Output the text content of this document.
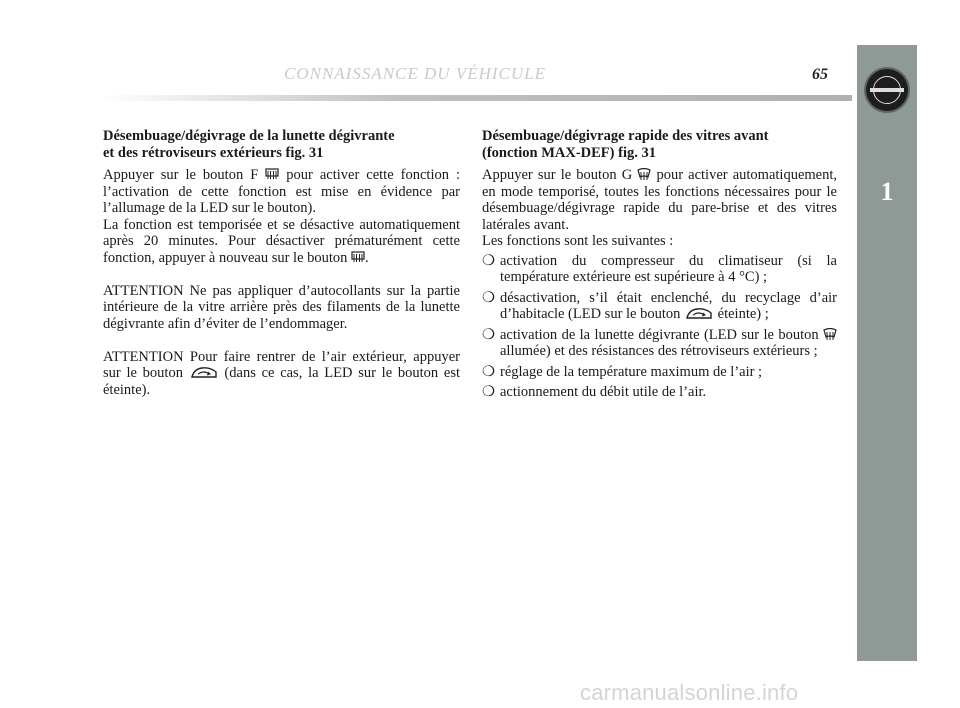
CONNAISSANCE DU VÉHICULE	65
1

Désembuage/dégivrage de la lunette dégivrante
et des rétroviseurs extérieurs fig. 31

Appuyer sur le bouton F  pour activer cette fonction : l’activation de cette fonction est mise en évidence par l’allumage de la LED sur le bouton).

La fonction est temporisée et se désactive automatiquement après 20 minutes. Pour désactiver prématurément cette fonction, appuyer à nouveau sur le bouton .

ATTENTION Ne pas appliquer d’autocollants sur la partie intérieure de la vitre arrière près des filaments de la lunette dégivrante afin d’éviter de l’endommager.

ATTENTION Pour faire rentrer de l’air extérieur, appuyer sur le bouton  (dans ce cas, la LED sur le bouton est éteinte).

Désembuage/dégivrage rapide des vitres avant
(fonction MAX-DEF) fig. 31

Appuyer sur le bouton G  pour activer automatiquement, en mode temporisé, toutes les fonctions nécessaires pour le désembuage/dégivrage rapide du pare-brise et des vitres latérales avant.

Les fonctions sont les suivantes :

❍ activation du compresseur du climatiseur (si la température extérieure est supérieure à 4 °C) ;
❍ désactivation, s’il était enclenché, du recyclage d’air d’habitacle (LED sur le bouton  éteinte) ;
❍ activation de la lunette dégivrante (LED sur le bouton  allumée) et des résistances des rétroviseurs extérieurs ;
❍ réglage de la température maximum de l’air ;
❍ actionnement du débit utile de l’air.
carmanualsonline.info
